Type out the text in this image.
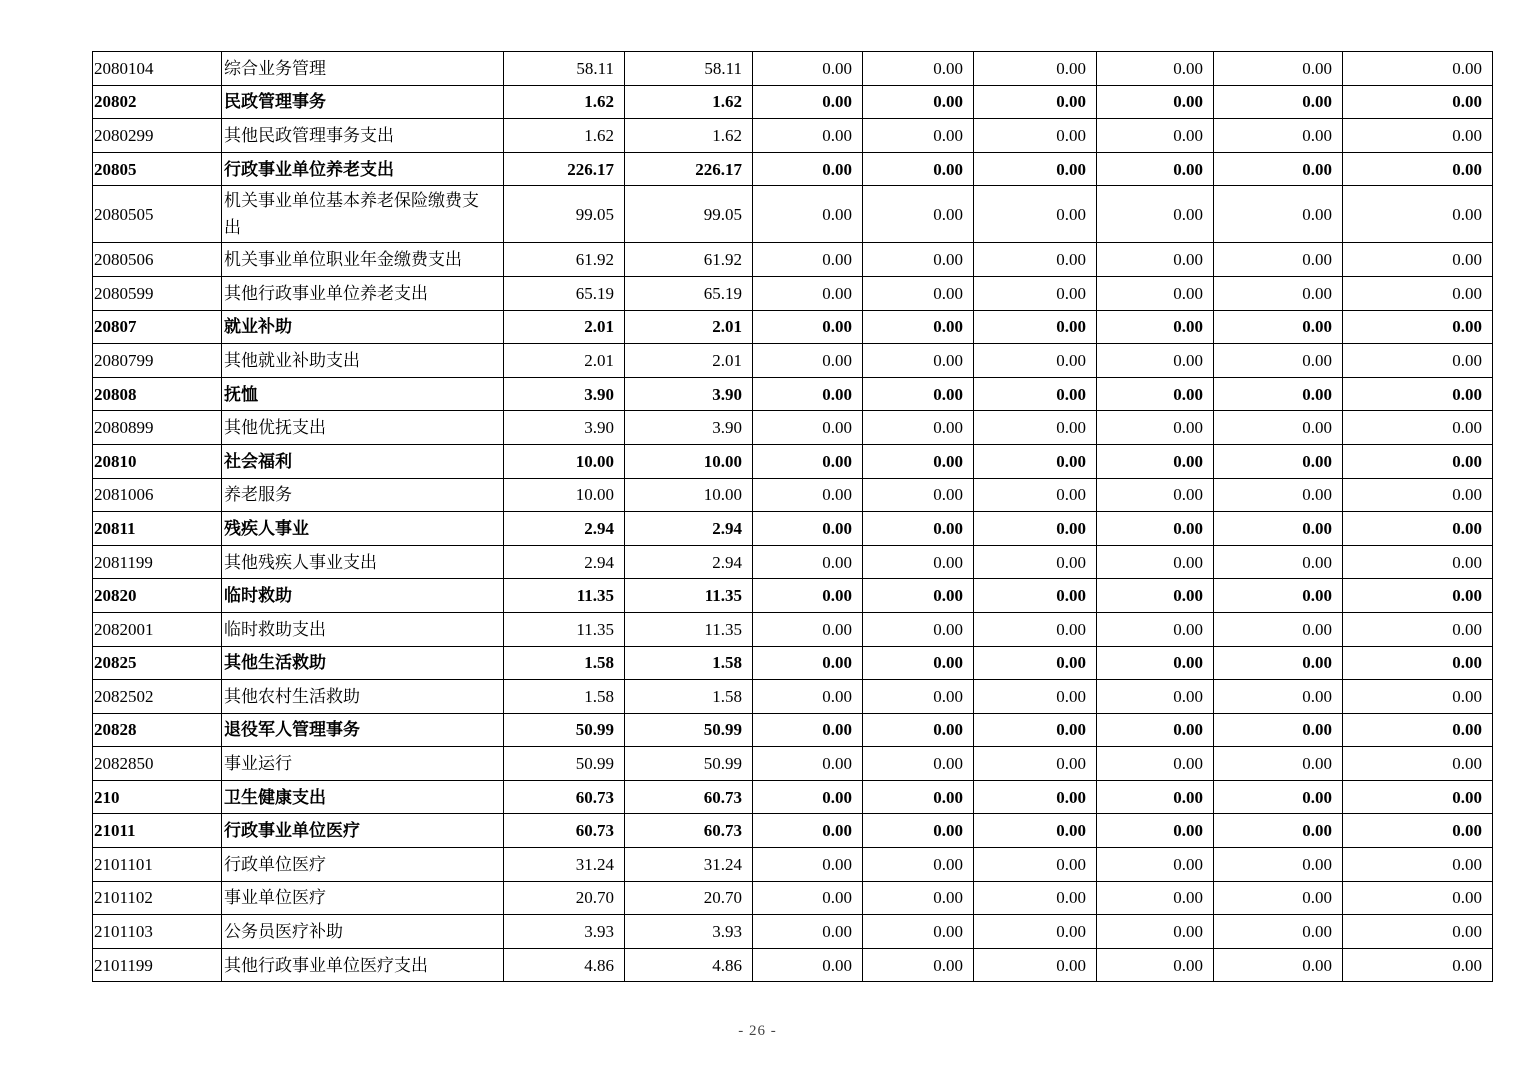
2080104	综合业务管理	58.11	58.11	0.00	0.00	0.00	0.00	0.00	0.00
20802	民政管理事务	1.62	1.62	0.00	0.00	0.00	0.00	0.00	0.00
2080299	其他民政管理事务支出	1.62	1.62	0.00	0.00	0.00	0.00	0.00	0.00
20805	行政事业单位养老支出	226.17	226.17	0.00	0.00	0.00	0.00	0.00	0.00
2080505	机关事业单位基本养老保险缴费支出	99.05	99.05	0.00	0.00	0.00	0.00	0.00	0.00
2080506	机关事业单位职业年金缴费支出	61.92	61.92	0.00	0.00	0.00	0.00	0.00	0.00
2080599	其他行政事业单位养老支出	65.19	65.19	0.00	0.00	0.00	0.00	0.00	0.00
20807	就业补助	2.01	2.01	0.00	0.00	0.00	0.00	0.00	0.00
2080799	其他就业补助支出	2.01	2.01	0.00	0.00	0.00	0.00	0.00	0.00
20808	抚恤	3.90	3.90	0.00	0.00	0.00	0.00	0.00	0.00
2080899	其他优抚支出	3.90	3.90	0.00	0.00	0.00	0.00	0.00	0.00
20810	社会福利	10.00	10.00	0.00	0.00	0.00	0.00	0.00	0.00
2081006	养老服务	10.00	10.00	0.00	0.00	0.00	0.00	0.00	0.00
20811	残疾人事业	2.94	2.94	0.00	0.00	0.00	0.00	0.00	0.00
2081199	其他残疾人事业支出	2.94	2.94	0.00	0.00	0.00	0.00	0.00	0.00
20820	临时救助	11.35	11.35	0.00	0.00	0.00	0.00	0.00	0.00
2082001	临时救助支出	11.35	11.35	0.00	0.00	0.00	0.00	0.00	0.00
20825	其他生活救助	1.58	1.58	0.00	0.00	0.00	0.00	0.00	0.00
2082502	其他农村生活救助	1.58	1.58	0.00	0.00	0.00	0.00	0.00	0.00
20828	退役军人管理事务	50.99	50.99	0.00	0.00	0.00	0.00	0.00	0.00
2082850	事业运行	50.99	50.99	0.00	0.00	0.00	0.00	0.00	0.00
210	卫生健康支出	60.73	60.73	0.00	0.00	0.00	0.00	0.00	0.00
21011	行政事业单位医疗	60.73	60.73	0.00	0.00	0.00	0.00	0.00	0.00
2101101	行政单位医疗	31.24	31.24	0.00	0.00	0.00	0.00	0.00	0.00
2101102	事业单位医疗	20.70	20.70	0.00	0.00	0.00	0.00	0.00	0.00
2101103	公务员医疗补助	3.93	3.93	0.00	0.00	0.00	0.00	0.00	0.00
2101199	其他行政事业单位医疗支出	4.86	4.86	0.00	0.00	0.00	0.00	0.00	0.00
- 26 -
